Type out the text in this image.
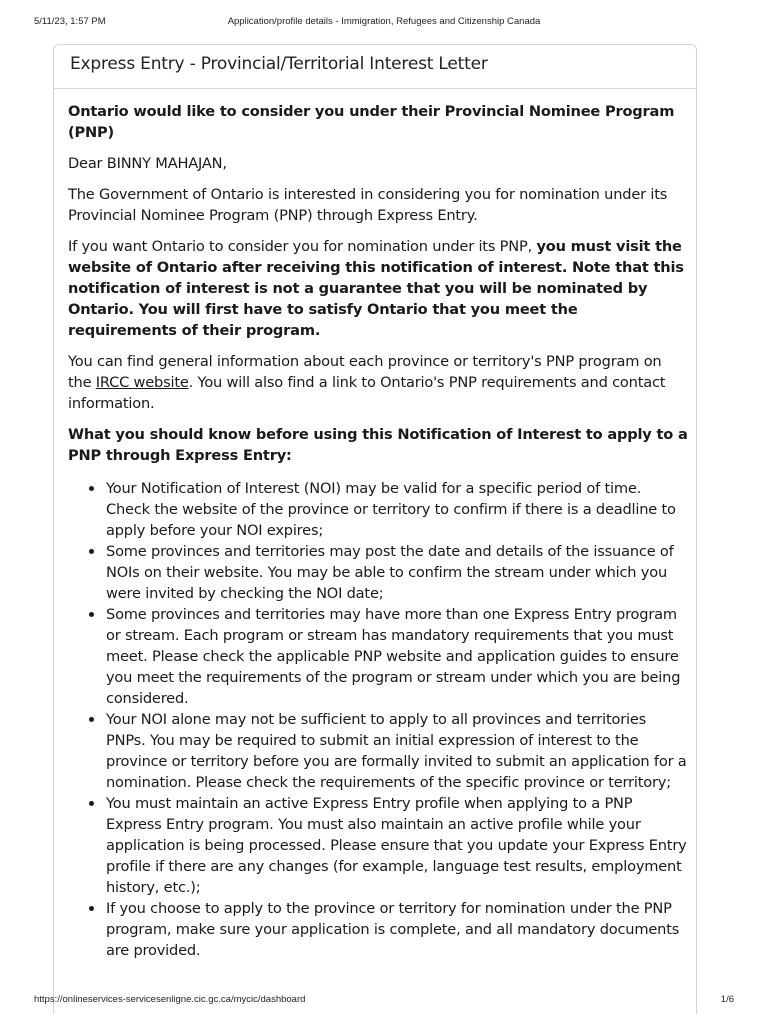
5/11/23, 1:57 PM	Application/profile details - Immigration, Refugees and Citizenship Canada
Express Entry - Provincial/Territorial Interest Letter

Ontario would like to consider you under their Provincial Nominee Program (PNP)

Dear BINNY MAHAJAN,

The Government of Ontario is interested in considering you for nomination under its Provincial Nominee Program (PNP) through Express Entry.

If you want Ontario to consider you for nomination under its PNP, you must visit the website of Ontario after receiving this notification of interest. Note that this notification of interest is not a guarantee that you will be nominated by Ontario. You will first have to satisfy Ontario that you meet the requirements of their program.

You can find general information about each province or territory's PNP program on the IRCC website. You will also find a link to Ontario's PNP requirements and contact information.

What you should know before using this Notification of Interest to apply to a PNP through Express Entry:

Your Notification of Interest (NOI) may be valid for a specific period of time. Check the website of the province or territory to confirm if there is a deadline to apply before your NOI expires;
Some provinces and territories may post the date and details of the issuance of NOIs on their website. You may be able to confirm the stream under which you were invited by checking the NOI date;
Some provinces and territories may have more than one Express Entry program or stream. Each program or stream has mandatory requirements that you must meet. Please check the applicable PNP website and application guides to ensure you meet the requirements of the program or stream under which you are being considered.
Your NOI alone may not be sufficient to apply to all provinces and territories PNPs. You may be required to submit an initial expression of interest to the province or territory before you are formally invited to submit an application for a nomination. Please check the requirements of the specific province or territory;
You must maintain an active Express Entry profile when applying to a PNP Express Entry program. You must also maintain an active profile while your application is being processed. Please ensure that you update your Express Entry profile if there are any changes (for example, language test results, employment history, etc.);
If you choose to apply to the province or territory for nomination under the PNP program, make sure your application is complete, and all mandatory documents are provided.
https://onlineservices-servicesenligne.cic.gc.ca/mycic/dashboard	1/6
